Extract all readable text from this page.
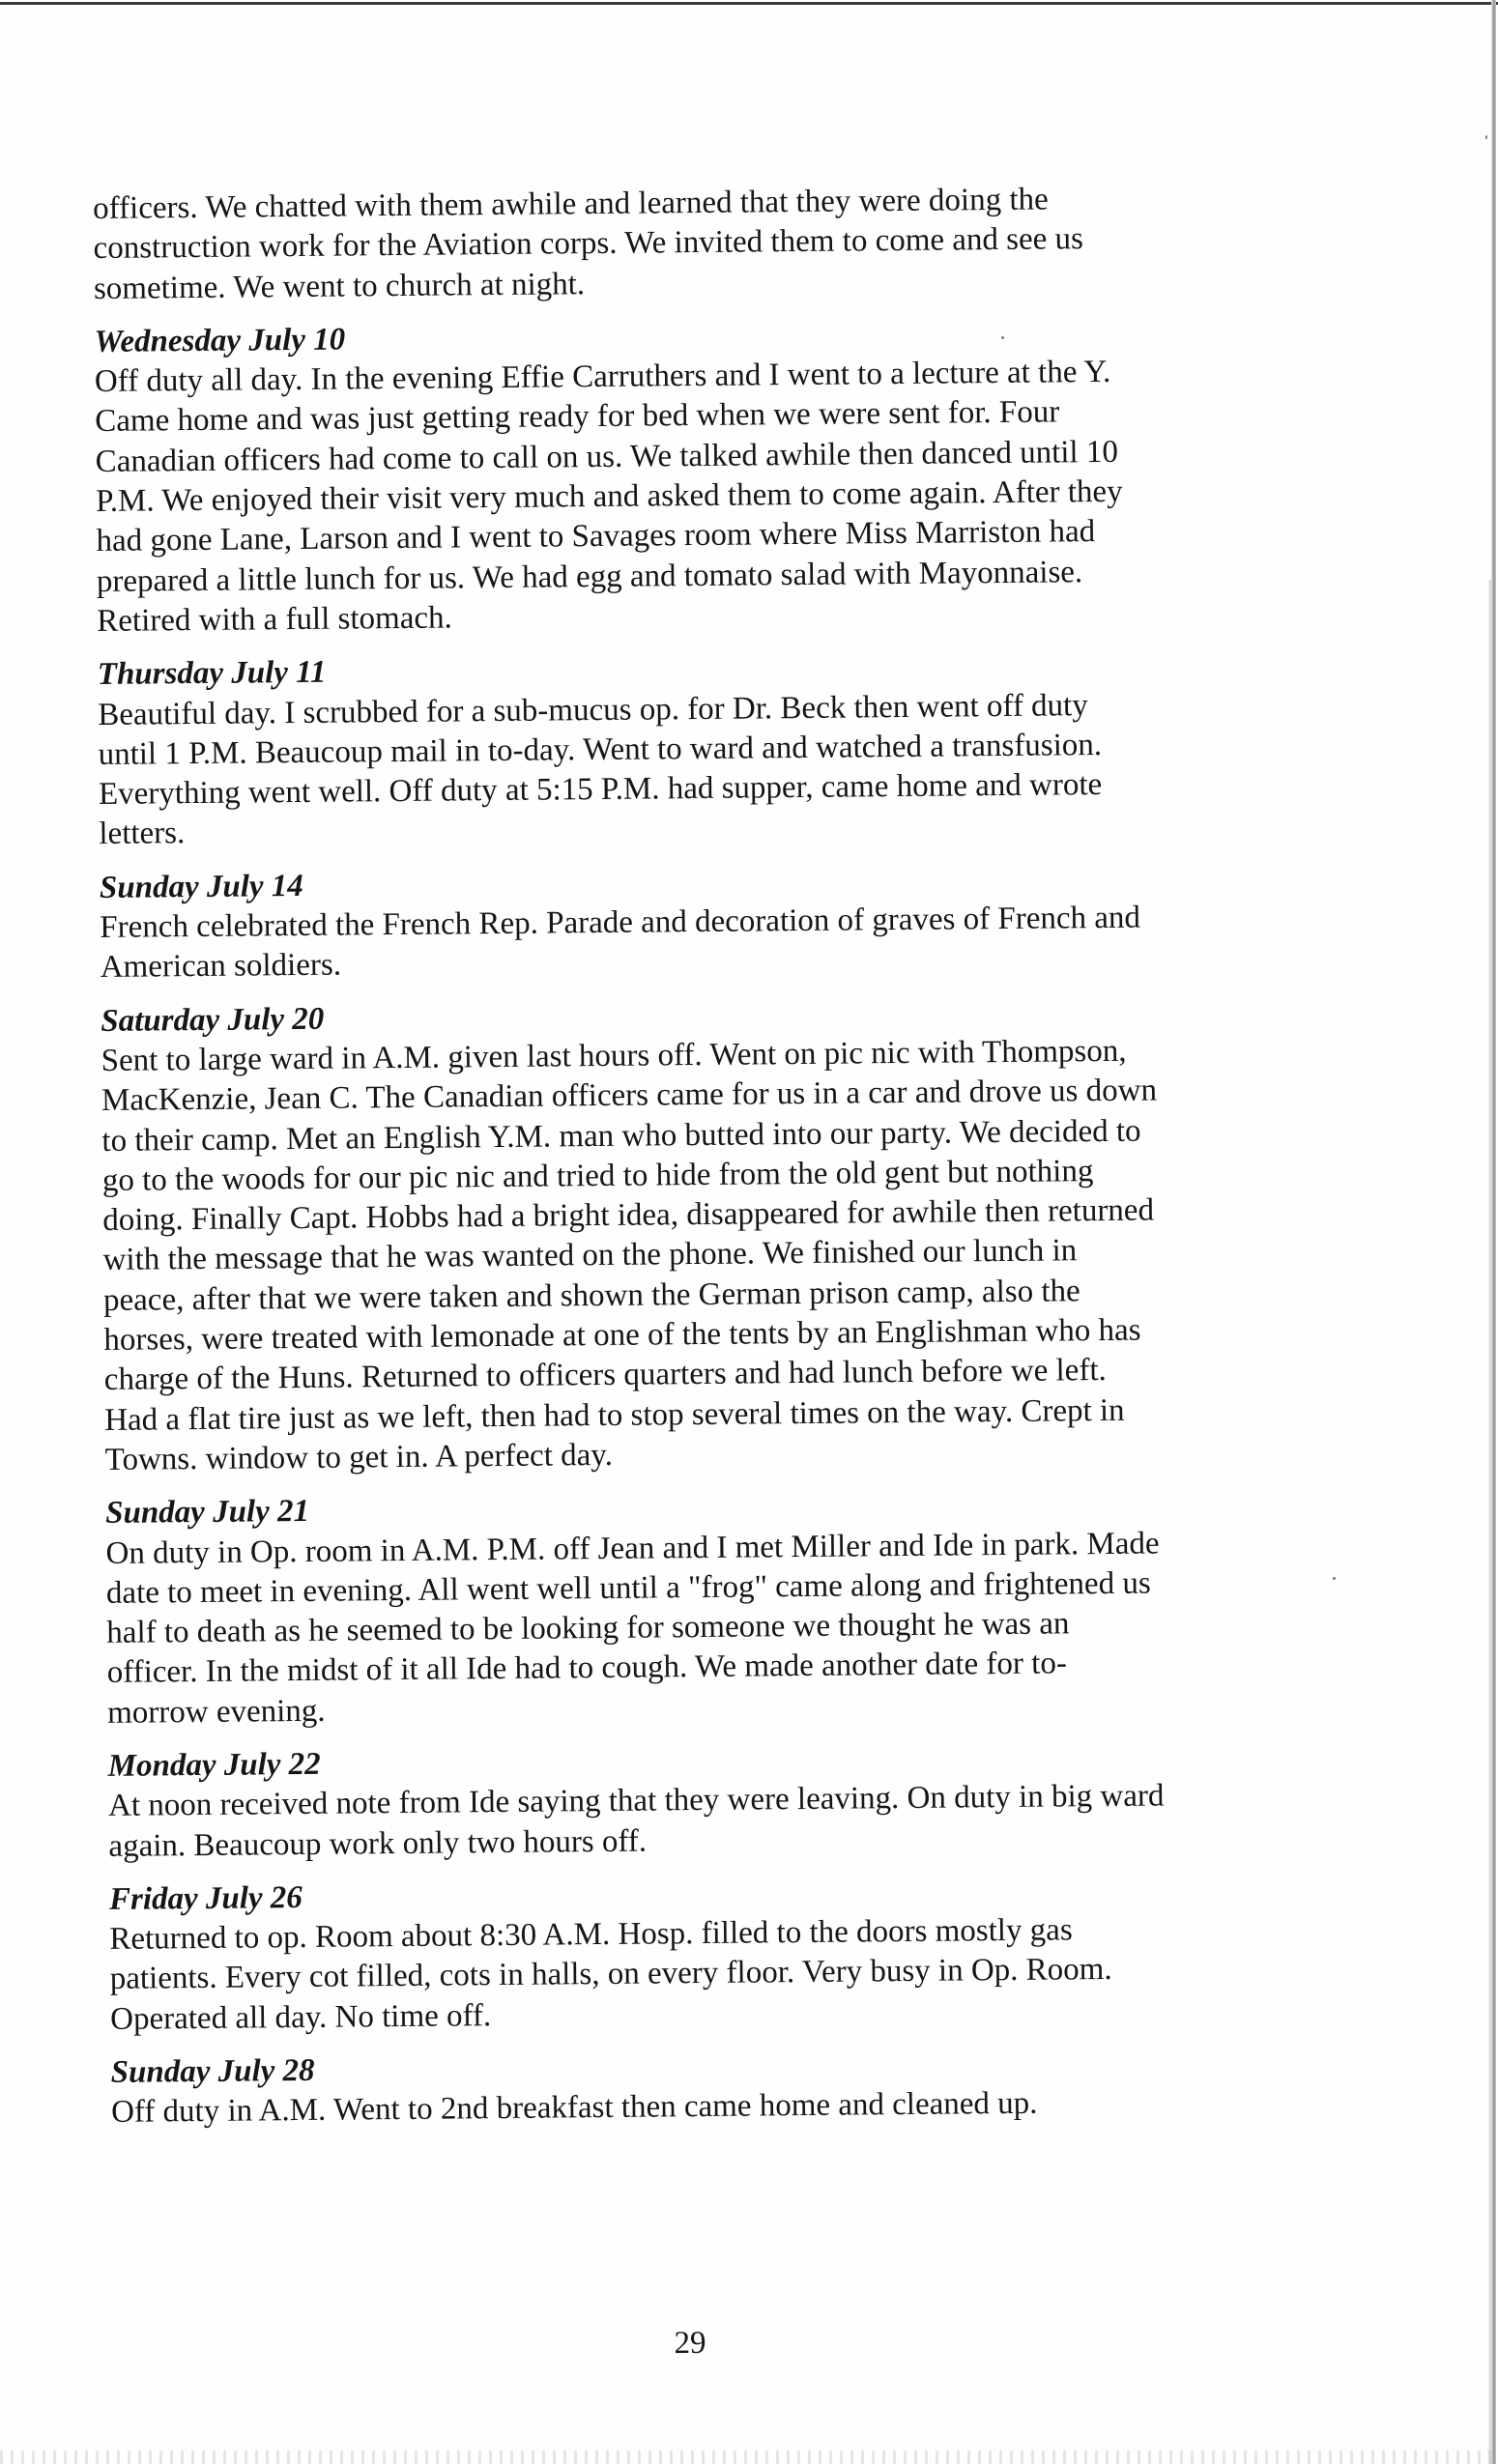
officers. We chatted with them awhile and learned that they were doing the

construction work for the Aviation corps. We invited them to come and see us

sometime. We went to church at night.

Wednesday July 10

Off duty all day. In the evening Effie Carruthers and I went to a lecture at the Y.

Came home and was just getting ready for bed when we were sent for. Four

Canadian officers had come to call on us. We talked awhile then danced until 10

P.M. We enjoyed their visit very much and asked them to come again. After they

had gone Lane, Larson and I went to Savages room where Miss Marriston had

prepared a little lunch for us. We had egg and tomato salad with Mayonnaise.

Retired with a full stomach.

Thursday July 11

Beautiful day. I scrubbed for a sub-mucus op. for Dr. Beck then went off duty

until 1 P.M. Beaucoup mail in to-day. Went to ward and watched a transfusion.

Everything went well. Off duty at 5:15 P.M. had supper, came home and wrote

letters.

Sunday July 14

French celebrated the French Rep. Parade and decoration of graves of French and

American soldiers.

Saturday July 20

Sent to large ward in A.M. given last hours off. Went on pic nic with Thompson,

MacKenzie, Jean C. The Canadian officers came for us in a car and drove us down

to their camp. Met an English Y.M. man who butted into our party. We decided to

go to the woods for our pic nic and tried to hide from the old gent but nothing

doing. Finally Capt. Hobbs had a bright idea, disappeared for awhile then returned

with the message that he was wanted on the phone. We finished our lunch in

peace, after that we were taken and shown the German prison camp, also the

horses, were treated with lemonade at one of the tents by an Englishman who has

charge of the Huns. Returned to officers quarters and had lunch before we left.

Had a flat tire just as we left, then had to stop several times on the way. Crept in

Towns. window to get in. A perfect day.

Sunday July 21

On duty in Op. room in A.M. P.M. off Jean and I met Miller and Ide in park. Made

date to meet in evening. All went well until a "frog" came along and frightened us

half to death as he seemed to be looking for someone we thought he was an

officer. In the midst of it all Ide had to cough. We made another date for to-

morrow evening.

Monday July 22

At noon received note from Ide saying that they were leaving. On duty in big ward

again. Beaucoup work only two hours off.

Friday July 26

Returned to op. Room about 8:30 A.M. Hosp. filled to the doors mostly gas

patients. Every cot filled, cots in halls, on every floor. Very busy in Op. Room.

Operated all day. No time off.

Sunday July 28

Off duty in A.M. Went to 2nd breakfast then came home and cleaned up.

29
